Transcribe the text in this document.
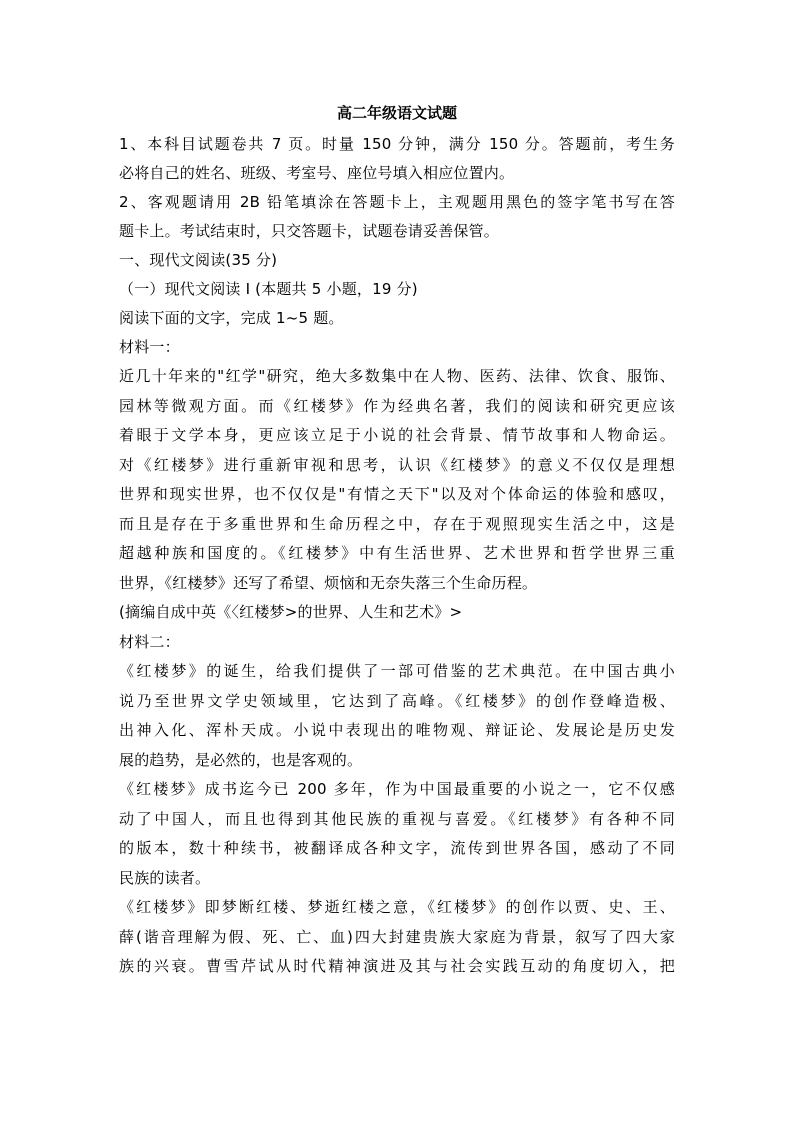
高二年级语文试题
1、本科目试题卷共 7 页。时量 150 分钟，满分 150 分。答题前，考生务
必将自己的姓名、班级、考室号、座位号填入相应位置内。
2、客观题请用 2B 铅笔填涂在答题卡上，主观题用黑色的签字笔书写在答
题卡上。考试结束时，只交答题卡，试题卷请妥善保管。
一、现代文阅读(35 分)
（一）现代文阅读 I (本题共 5 小题，19 分)
阅读下面的文字，完成 1~5 题。
材料一：
近几十年来的"红学"研究，绝大多数集中在人物、医药、法律、饮食、服饰、
园林等微观方面。而《红楼梦》作为经典名著，我们的阅读和研究更应该
着眼于文学本身，更应该立足于小说的社会背景、情节故事和人物命运。
对《红楼梦》进行重新审视和思考，认识《红楼梦》的意义不仅仅是理想
世界和现实世界，也不仅仅是"有情之天下"以及对个体命运的体验和感叹，
而且是存在于多重世界和生命历程之中，存在于观照现实生活之中，这是
超越种族和国度的。《红楼梦》中有生活世界、艺术世界和哲学世界三重
世界，《红楼梦》还写了希望、烦恼和无奈失落三个生命历程。
(摘编自成中英《〈红楼梦>的世界、人生和艺术》>
材料二：
《红楼梦》的诞生，给我们提供了一部可借鉴的艺术典范。在中国古典小
说乃至世界文学史领域里，它达到了高峰。《红楼梦》的创作登峰造极、
出神入化、浑朴天成。小说中表现出的唯物观、辩证论、发展论是历史发
展的趋势，是必然的，也是客观的。
《红楼梦》成书迄今已 200 多年，作为中国最重要的小说之一，它不仅感
动了中国人，而且也得到其他民族的重视与喜爱。《红楼梦》有各种不同
的版本，数十种续书，被翻译成各种文字，流传到世界各国，感动了不同
民族的读者。
《红楼梦》即梦断红楼、梦逝红楼之意，《红楼梦》的创作以贾、史、王、
薛(谐音理解为假、死、亡、血)四大封建贵族大家庭为背景，叙写了四大家
族的兴衰。曹雪芹试从时代精神演进及其与社会实践互动的角度切入，把
